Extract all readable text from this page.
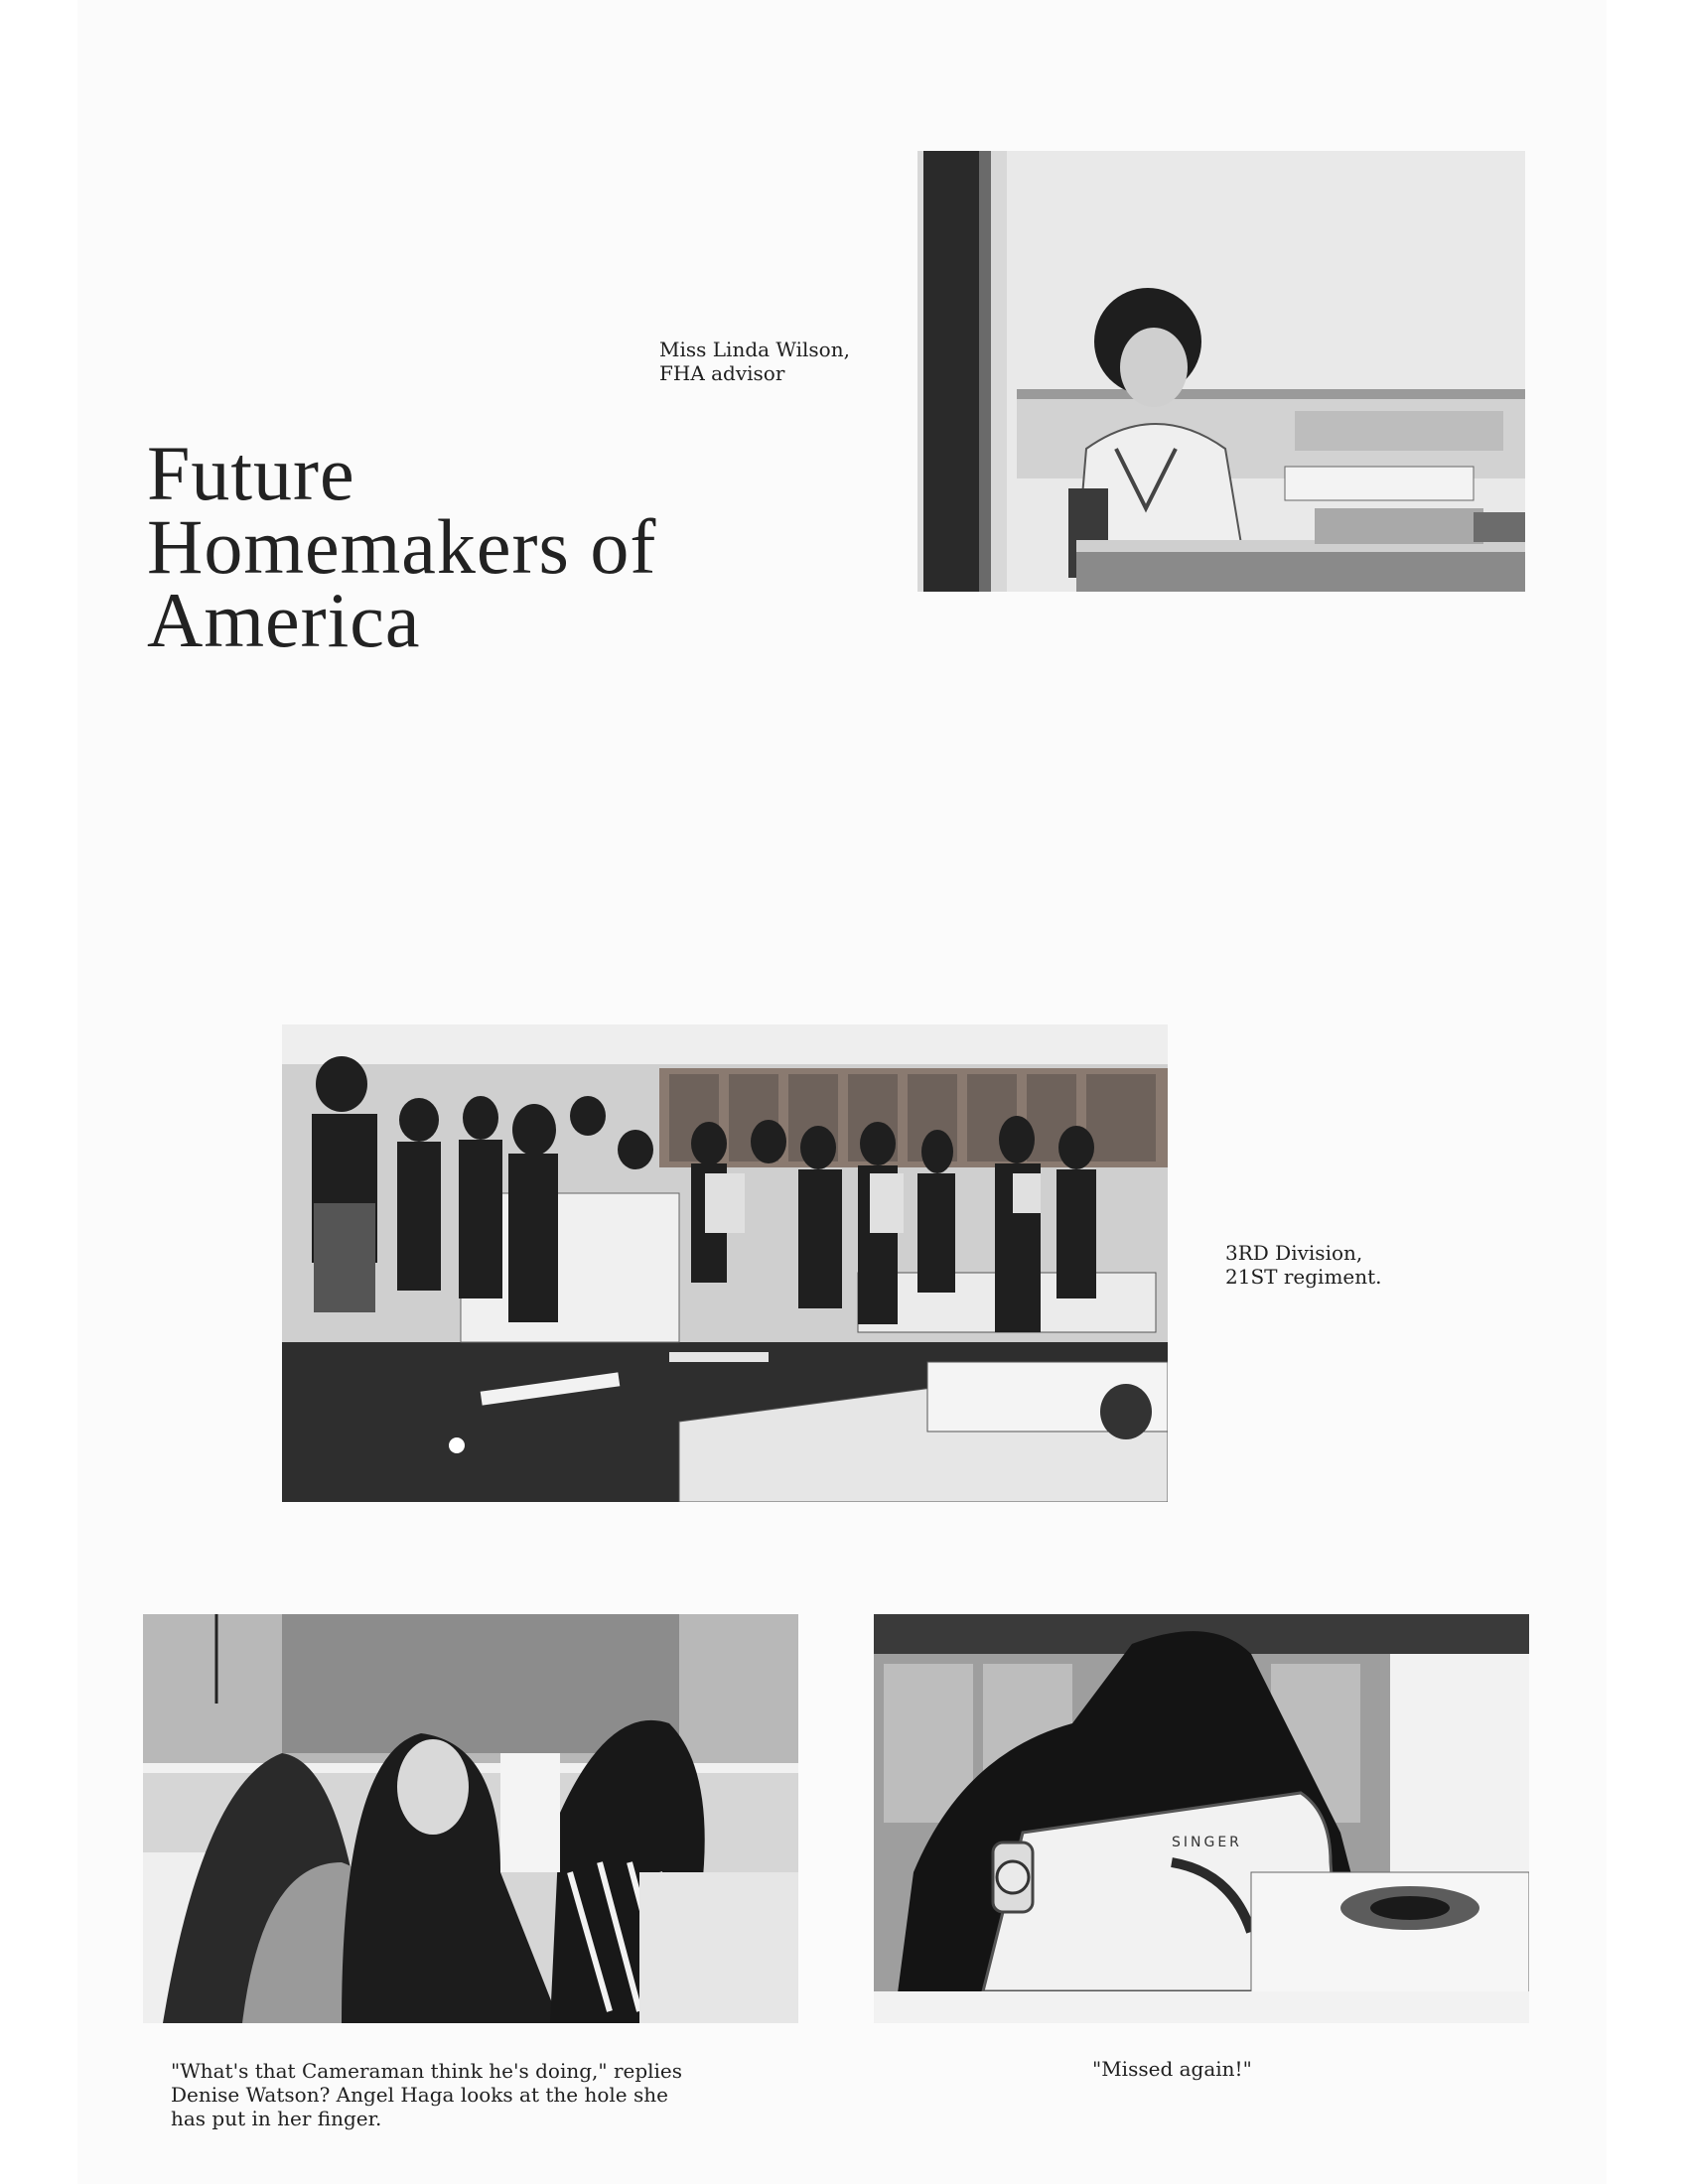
Future
Homemakers of
America
Miss Linda Wilson,
FHA advisor
3RD Division,
21ST regiment.
SINGER
"What's that Cameraman think he's doing," replies
Denise Watson? Angel Haga looks at the hole she
has put in her finger.
"Missed again!"
